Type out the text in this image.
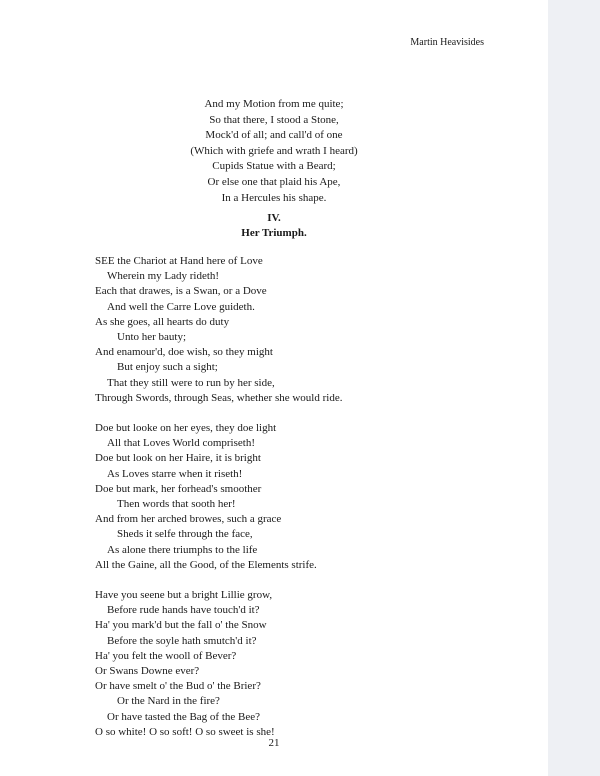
Martin Heavisides
And my Motion from me quite;
So that there, I stood a Stone,
Mock'd of all; and call'd of one
(Which with griefe and wrath I heard)
Cupids Statue with a Beard;
Or else one that plaid his Ape,
In a Hercules his shape.
IV.
Her Triumph.
SEE the Chariot at Hand here of Love
Wherein my Lady rideth!
Each that drawes, is a Swan, or a Dove
And well the Carre Love guideth.
As she goes, all hearts do duty
Unto her bauty;
And enamour'd, doe wish, so they might
But enjoy such a sight;
That they still were to run by her side,
Through Swords, through Seas, whether she would ride.
Doe but looke on her eyes, they doe light
All that Loves World compriseth!
Doe but look on her Haire, it is bright
As Loves starre when it riseth!
Doe but mark, her forhead's smoother
Then words that sooth her!
And from her arched browes, such a grace
Sheds it selfe through the face,
As alone there triumphs to the life
All the Gaine, all the Good, of the Elements strife.
Have you seene but a bright Lillie grow,
Before rude hands have touch'd it?
Ha' you mark'd but the fall o' the Snow
Before the soyle hath smutch'd it?
Ha' you felt the wooll of Bever?
Or Swans Downe ever?
Or have smelt o' the Bud o' the Brier?
Or the Nard in the fire?
Or have tasted the Bag of the Bee?
O so white! O so soft! O so sweet is she!
21
